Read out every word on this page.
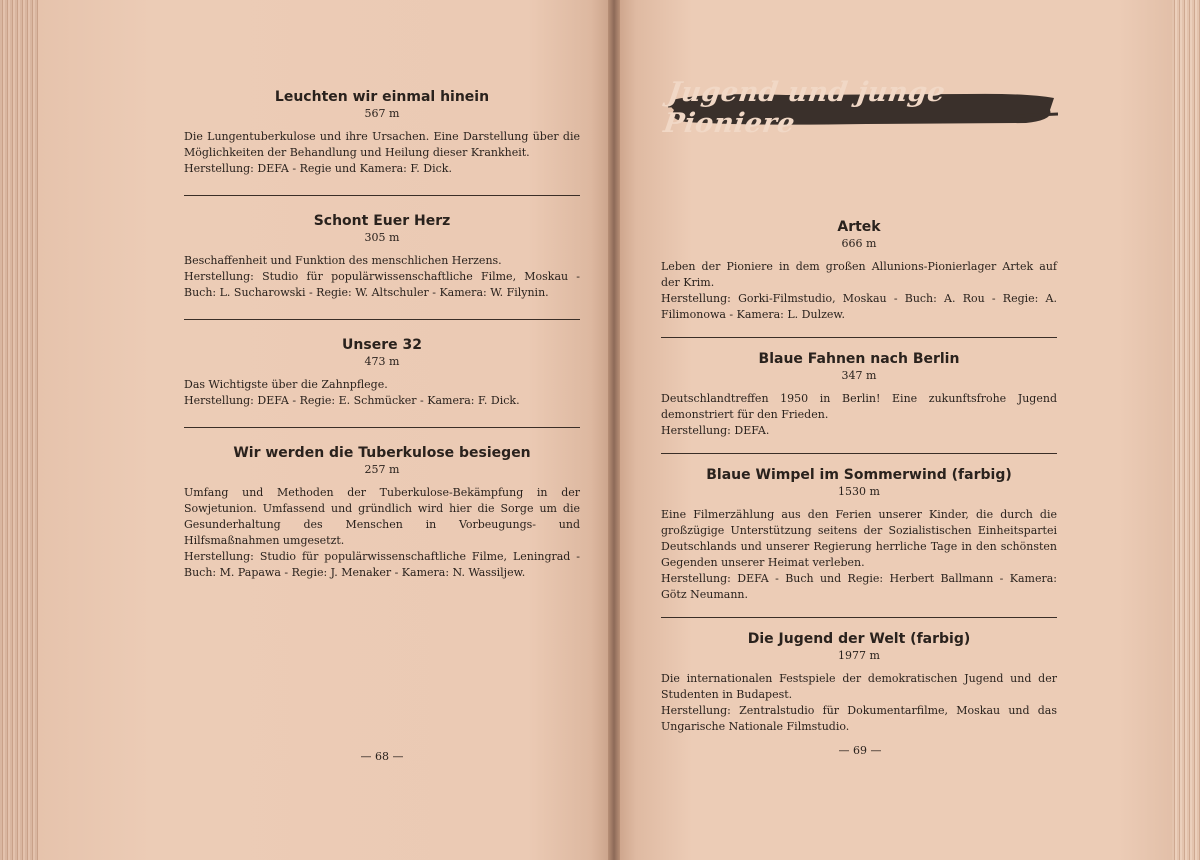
Leuchten wir einmal hinein

567 m

Die Lungentuberkulose und ihre Ursachen. Eine Darstellung über die Möglichkeiten der Behandlung und Heilung dieser Krankheit.

Herstellung: DEFA - Regie und Kamera: F. Dick.

Schont Euer Herz

305 m

Beschaffenheit und Funktion des menschlichen Herzens.

Herstellung: Studio für populärwissenschaftliche Filme, Moskau - Buch: L. Sucharowski - Regie: W. Altschuler - Kamera: W. Filynin.

Unsere 32

473 m

Das Wichtigste über die Zahnpflege.

Herstellung: DEFA - Regie: E. Schmücker - Kamera: F. Dick.

Wir werden die Tuberkulose besiegen

257 m

Umfang und Methoden der Tuberkulose-Bekämpfung in der Sowjetunion. Umfassend und gründlich wird hier die Sorge um die Gesunderhaltung des Menschen in Vorbeugungs- und Hilfsmaßnahmen umgesetzt.

Herstellung: Studio für populärwissenschaftliche Filme, Leningrad - Buch: M. Papawa - Regie: J. Menaker - Kamera: N. Wassiljew.

— 68 —
Jugend und junge Pioniere

Artek

666 m

Leben der Pioniere in dem großen Allunions-Pionierlager Artek auf der Krim.

Herstellung: Gorki-Filmstudio, Moskau - Buch: A. Rou - Regie: A. Filimonowa - Kamera: L. Dulzew.

Blaue Fahnen nach Berlin

347 m

Deutschlandtreffen 1950 in Berlin! Eine zukunftsfrohe Jugend demonstriert für den Frieden.

Herstellung: DEFA.

Blaue Wimpel im Sommerwind (farbig)

1530 m

Eine Filmerzählung aus den Ferien unserer Kinder, die durch die großzügige Unterstützung seitens der Sozialistischen Einheitspartei Deutschlands und unserer Regierung herrliche Tage in den schönsten Gegenden unserer Heimat verleben.

Herstellung: DEFA - Buch und Regie: Herbert Ballmann - Kamera: Götz Neumann.

Die Jugend der Welt (farbig)

1977 m

Die internationalen Festspiele der demokratischen Jugend und der Studenten in Budapest.

Herstellung: Zentralstudio für Dokumentarfilme, Moskau und das Ungarische Nationale Filmstudio.

— 69 —
